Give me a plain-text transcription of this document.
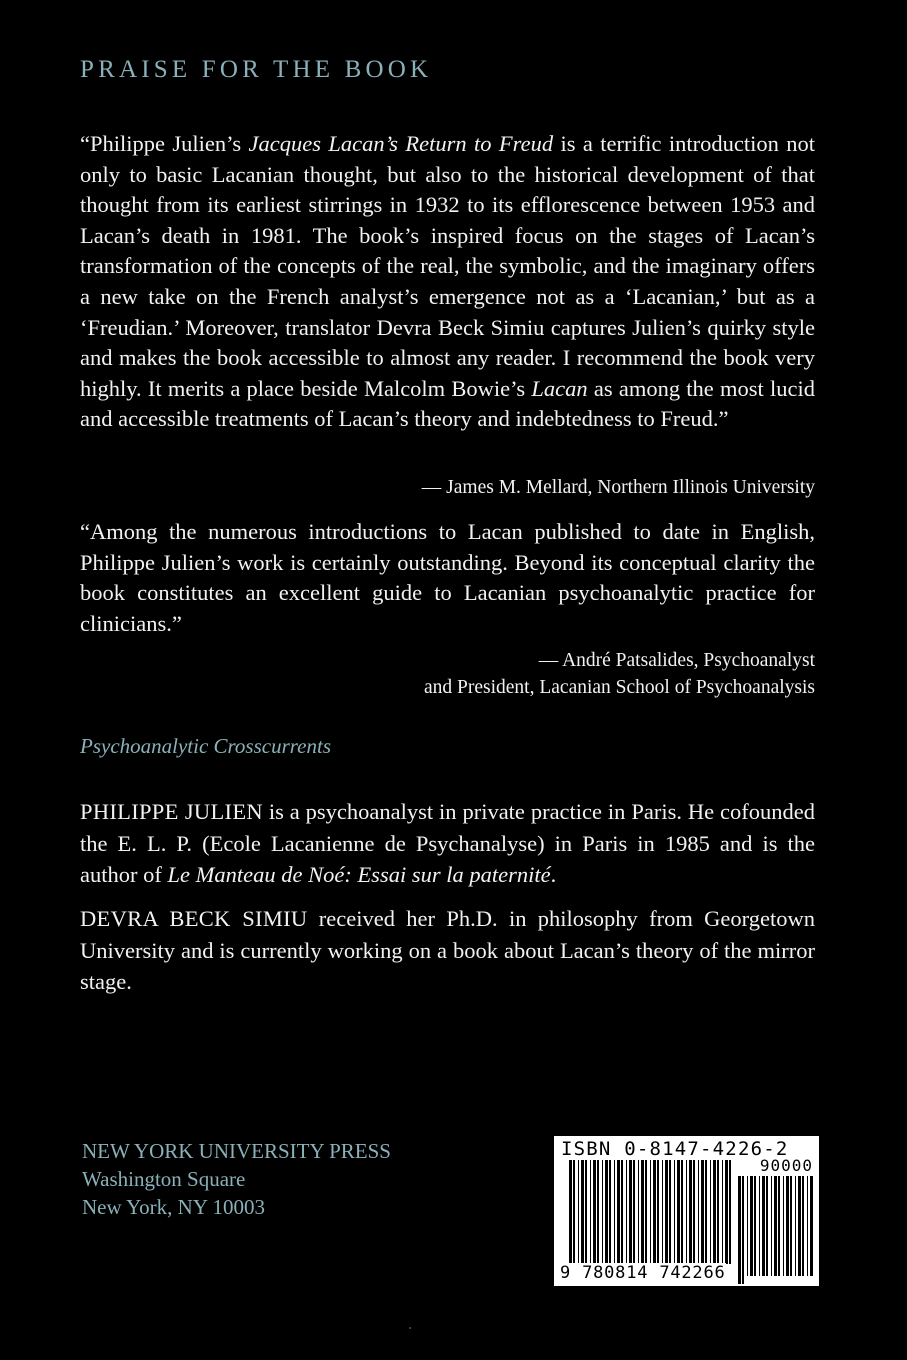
PRAISE FOR THE BOOK

“Philippe Julien’s Jacques Lacan’s Return to Freud is a terrific introduction not only to basic Lacanian thought, but also to the historical development of that thought from its earliest stirrings in 1932 to its efflorescence between 1953 and Lacan’s death in 1981. The book’s inspired focus on the stages of Lacan’s transformation of the concepts of the real, the symbolic, and the imaginary offers a new take on the French analyst’s emergence not as a ‘Lacanian,’ but as a ‘Freudian.’ Moreover, translator Devra Beck Simiu captures Julien’s quirky style and makes the book accessible to almost any reader. I recommend the book very highly. It merits a place beside Malcolm Bowie’s Lacan as among the most lucid and accessible treatments of Lacan’s theory and indebtedness to Freud.”

— James M. Mellard, Northern Illinois University

“Among the numerous introductions to Lacan published to date in English, Philippe Julien’s work is certainly outstanding. Beyond its conceptual clarity the book constitutes an excellent guide to Lacanian psychoanalytic practice for clinicians.”

— André Patsalides, Psychoanalyst
and President, Lacanian School of Psychoanalysis
Psychoanalytic Crosscurrents

PHILIPPE JULIEN is a psychoanalyst in private practice in Paris. He cofounded the E. L. P. (Ecole Lacanienne de Psychanalyse) in Paris in 1985 and is the author of Le Manteau de Noé: Essai sur la paternité.

DEVRA BECK SIMIU received her Ph.D. in philosophy from Georgetown University and is currently working on a book about Lacan’s theory of the mirror stage.

NEW YORK UNIVERSITY PRESS
Washington Square
New York, NY 10003
ISBN 0-8147-4226-2
90000
9 780814 742266
